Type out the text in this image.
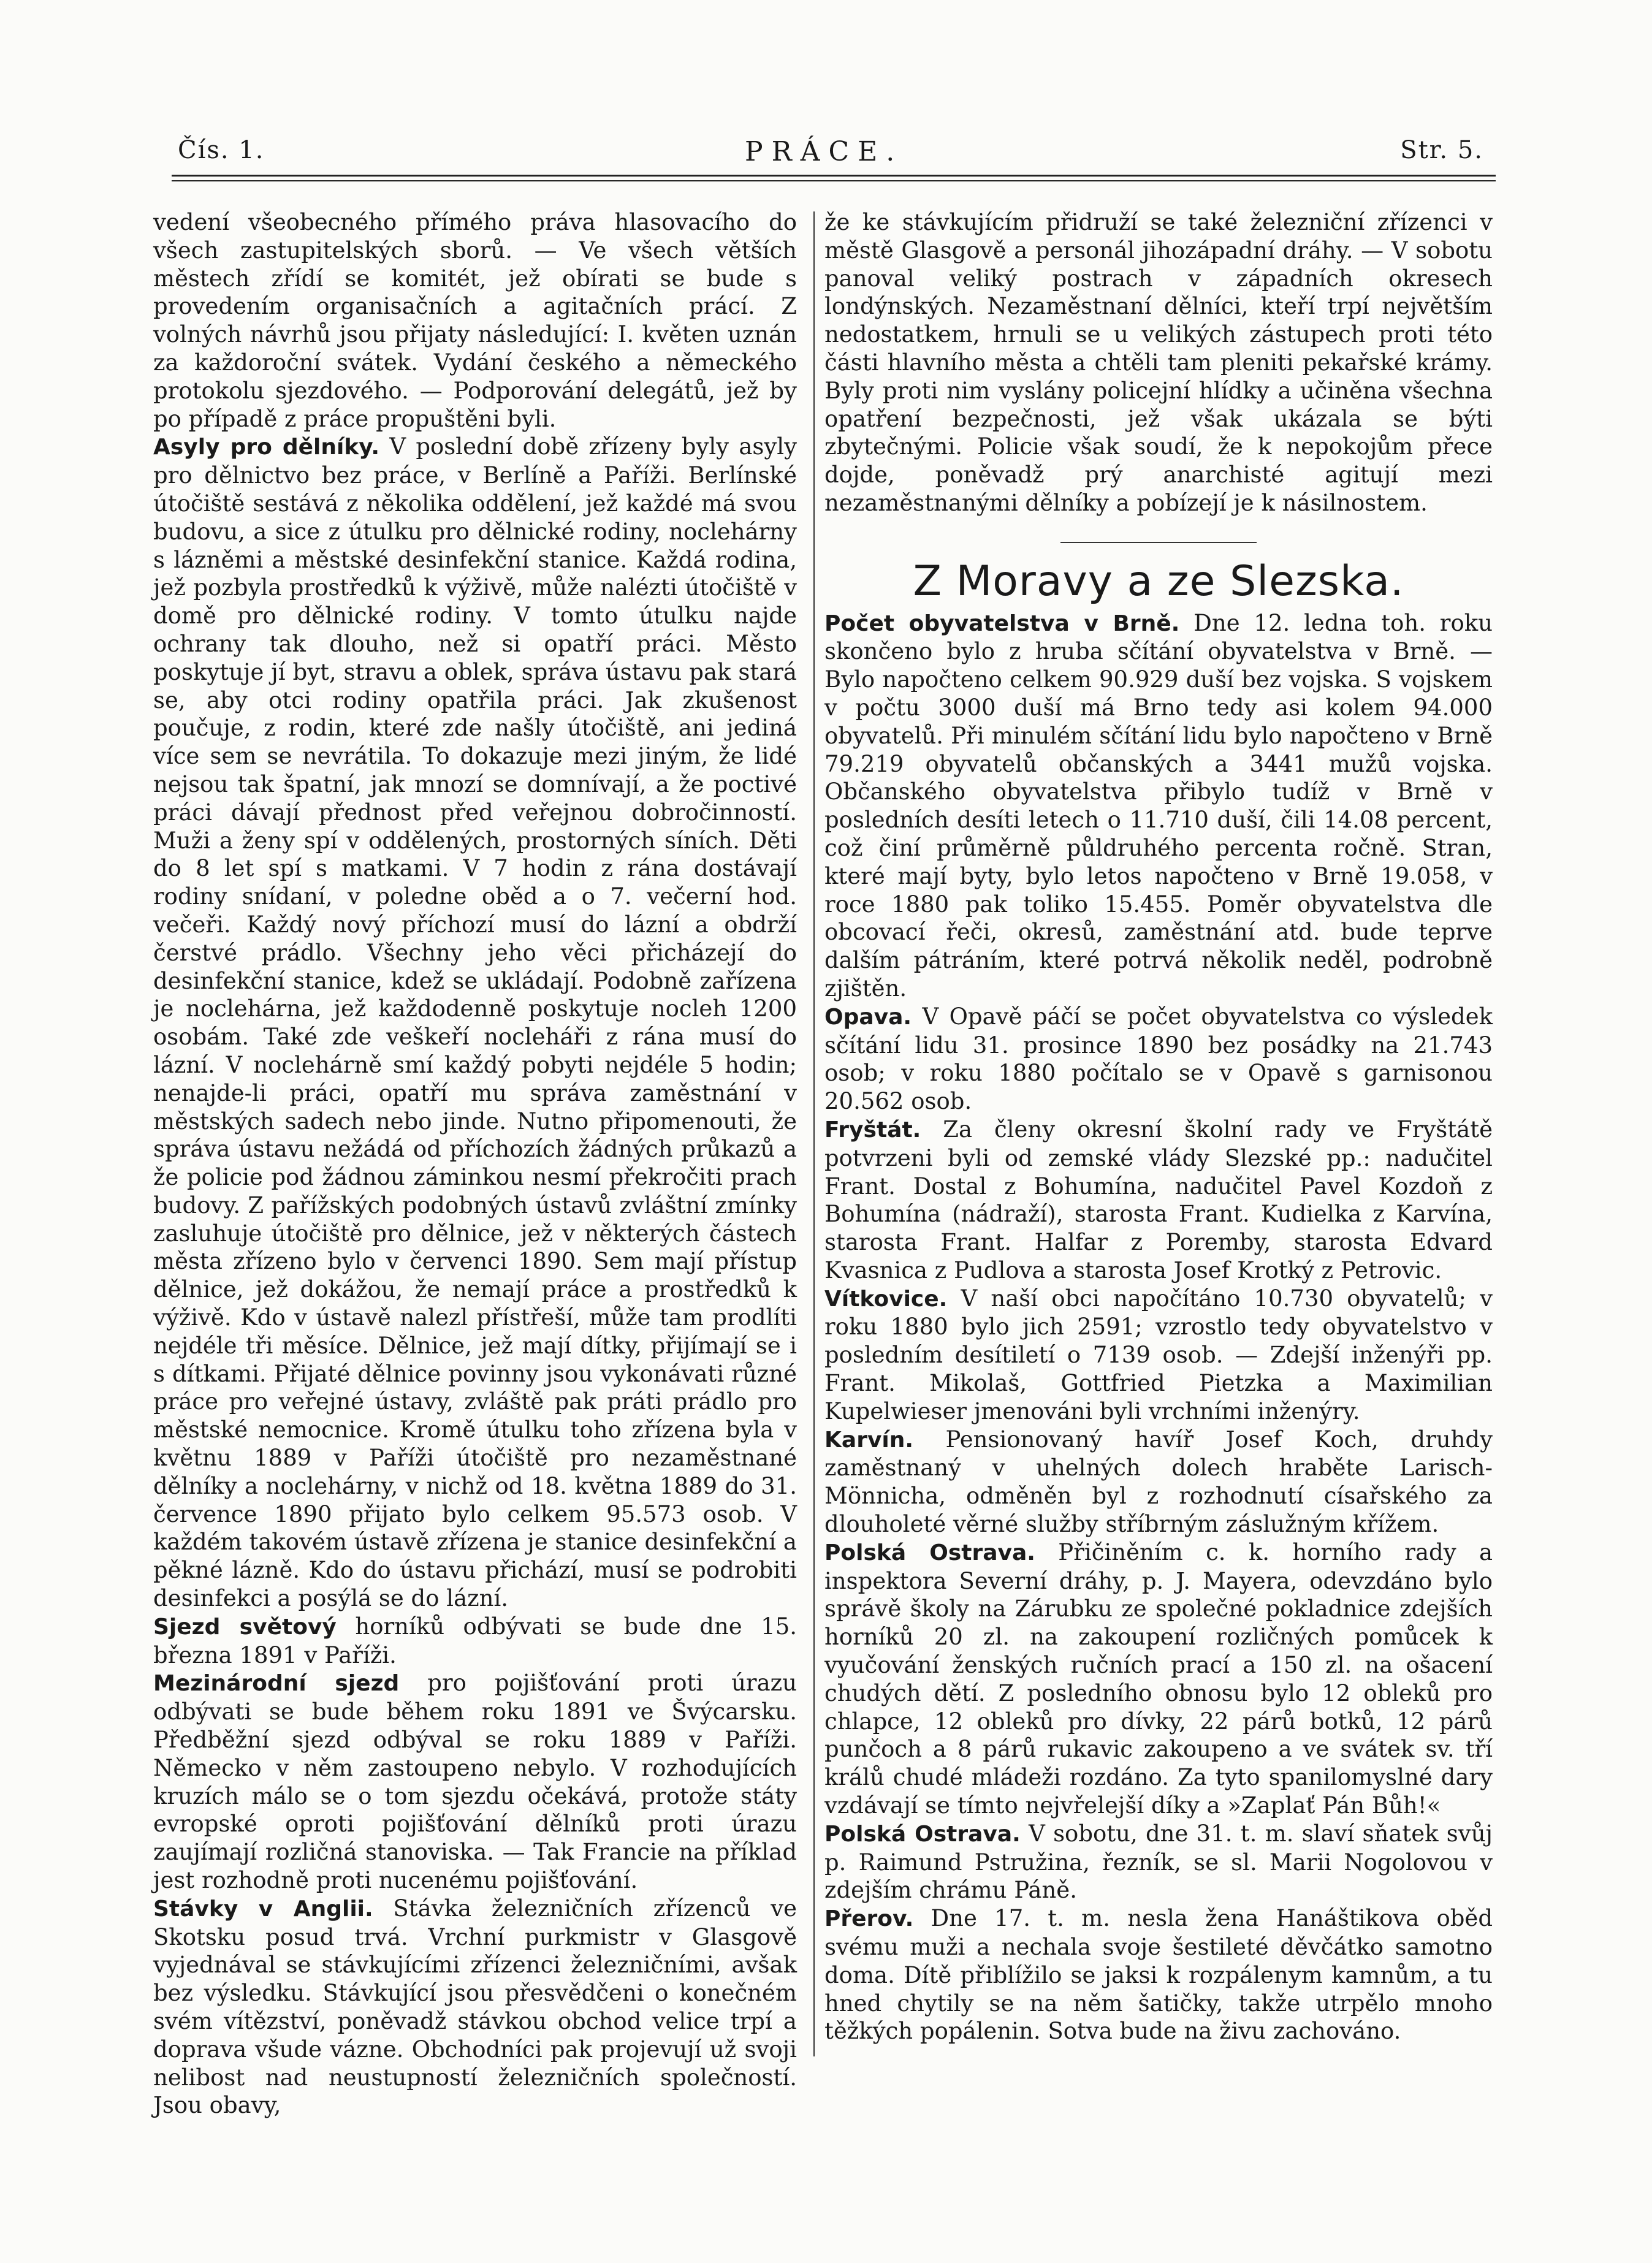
Čís. 1.	PRÁCE.	Str. 5.

vedení všeobecného přímého práva hlasovacího do všech zastupitelských sborů. — Ve všech větších městech zřídí se komitét, jež obírati se bude s provedením organisačních a agitačních prácí. Z volných návrhů jsou přijaty následující: I. květen uznán za každoroční svátek. Vydání českého a německého protokolu sjezdového. — Podporování delegátů, jež by po případě z práce propuštěni byli.

Asyly pro dělníky. V poslední době zřízeny byly asyly pro dělnictvo bez práce, v Berlíně a Paříži. Berlínské útočiště sestává z několika oddělení, jež každé má svou budovu, a sice z útulku pro dělnické rodiny, noclehárny s lázněmi a městské desinfekční stanice. Každá rodina, jež pozbyla prostředků k výživě, může nalézti útočiště v domě pro dělnické rodiny. V tomto útulku najde ochrany tak dlouho, než si opatří práci. Město poskytuje jí byt, stravu a oblek, správa ústavu pak stará se, aby otci rodiny opatřila práci. Jak zkušenost poučuje, z rodin, které zde našly útočiště, ani jediná více sem se nevrátila. To dokazuje mezi jiným, že lidé nejsou tak špatní, jak mnozí se domnívají, a že poctivé práci dávají přednost před veřejnou dobročinností. Muži a ženy spí v oddělených, prostorných síních. Děti do 8 let spí s matkami. V 7 hodin z rána dostávají rodiny snídaní, v poledne oběd a o 7. večerní hod. večeři. Každý nový příchozí musí do lázní a obdrží čerstvé prádlo. Všechny jeho věci přicházejí do desinfekční stanice, kdež se ukládají. Podobně zařízena je noclehárna, jež každodenně poskytuje nocleh 1200 osobám. Také zde veškeří nocleháři z rána musí do lázní. V noclehárně smí každý pobyti nejdéle 5 hodin; nenajde-li práci, opatří mu správa zaměstnání v městských sadech nebo jinde. Nutno připomenouti, že správa ústavu nežádá od příchozích žádných průkazů a že policie pod žádnou záminkou nesmí překročiti prach budovy. Z pařížských podobných ústavů zvláštní zmínky zasluhuje útočiště pro dělnice, jež v některých částech města zřízeno bylo v červenci 1890. Sem mají přístup dělnice, jež dokážou, že nemají práce a prostředků k výživě. Kdo v ústavě nalezl přístřeší, může tam prodlíti nejdéle tři měsíce. Dělnice, jež mají dítky, přijímají se i s dítkami. Přijaté dělnice povinny jsou vykonávati různé práce pro veřejné ústavy, zvláště pak práti prádlo pro městské nemocnice. Kromě útulku toho zřízena byla v květnu 1889 v Paříži útočiště pro nezaměstnané dělníky a noclehárny, v nichž od 18. května 1889 do 31. července 1890 přijato bylo celkem 95.573 osob. V každém takovém ústavě zřízena je stanice desinfekční a pěkné lázně. Kdo do ústavu přichází, musí se podrobiti desinfekci a posýlá se do lázní.

Sjezd světový horníků odbývati se bude dne 15. března 1891 v Paříži.

Mezinárodní sjezd pro pojišťování proti úrazu odbývati se bude během roku 1891 ve Švýcarsku. Předběžní sjezd odbýval se roku 1889 v Paříži. Německo v něm zastoupeno nebylo. V rozhodujících kruzích málo se o tom sjezdu očekává, protože státy evropské oproti pojišťování dělníků proti úrazu zaujímají rozličná stanoviska. — Tak Francie na příklad jest rozhodně proti nucenému pojišťování.

Stávky v Anglii. Stávka železničních zřízenců ve Skotsku posud trvá. Vrchní purkmistr v Glasgově vyjednával se stávkujícími zřízenci železničními, avšak bez výsledku. Stávkující jsou přesvědčeni o konečném svém vítězství, poněvadž stávkou obchod velice trpí a doprava všude vázne. Obchodníci pak projevují už svoji nelibost nad neustupností železničních společností. Jsou obavy,

že ke stávkujícím přidruží se také železniční zřízenci v městě Glasgově a personál jihozápadní dráhy. — V sobotu panoval veliký postrach v západních okresech londýnských. Nezaměstnaní dělníci, kteří trpí největším nedostatkem, hrnuli se u velikých zástupech proti této části hlavního města a chtěli tam pleniti pekařské krámy. Byly proti nim vyslány policejní hlídky a učiněna všechna opatření bezpečnosti, jež však ukázala se býti zbytečnými. Policie však soudí, že k nepokojům přece dojde, poněvadž prý anarchisté agitují mezi nezaměstnanými dělníky a pobízejí je k násilnostem.

Z Moravy a ze Slezska.

Počet obyvatelstva v Brně. Dne 12. ledna toh. roku skončeno bylo z hruba sčítání obyvatelstva v Brně. — Bylo napočteno celkem 90.929 duší bez vojska. S vojskem v počtu 3000 duší má Brno tedy asi kolem 94.000 obyvatelů. Při minulém sčítání lidu bylo napočteno v Brně 79.219 obyvatelů občanských a 3441 mužů vojska. Občanského obyvatelstva přibylo tudíž v Brně v posledních desíti letech o 11.710 duší, čili 14.08 percent, což činí průměrně půldruhého percenta ročně. Stran, které mají byty, bylo letos napočteno v Brně 19.058, v roce 1880 pak toliko 15.455. Poměr obyvatelstva dle obcovací řeči, okresů, zaměstnání atd. bude teprve dalším pátráním, které potrvá několik neděl, podrobně zjištěn.

Opava. V Opavě páčí se počet obyvatelstva co výsledek sčítání lidu 31. prosince 1890 bez posádky na 21.743 osob; v roku 1880 počítalo se v Opavě s garnisonou 20.562 osob.

Fryštát. Za členy okresní školní rady ve Fryštátě potvrzeni byli od zemské vlády Slezské pp.: nadučitel Frant. Dostal z Bohumína, nadučitel Pavel Kozdoň z Bohumína (nádraží), starosta Frant. Kudielka z Karvína, starosta Frant. Halfar z Poremby, starosta Edvard Kvasnica z Pudlova a starosta Josef Krotký z Petrovic.

Vítkovice. V naší obci napočítáno 10.730 obyvatelů; v roku 1880 bylo jich 2591; vzrostlo tedy obyvatelstvo v posledním desítiletí o 7139 osob. — Zdejší inženýři pp. Frant. Mikolaš, Gottfried Pietzka a Maximilian Kupelwieser jmenováni byli vrchními inženýry.

Karvín. Pensionovaný havíř Josef Koch, druhdy zaměstnaný v uhelných dolech hraběte Larisch-Mönnicha, odměněn byl z rozhodnutí císařského za dlouholeté věrné služby stříbrným záslužným křížem.

Polská Ostrava. Přičiněním c. k. horního rady a inspektora Severní dráhy, p. J. Mayera, odevzdáno bylo správě školy na Zárubku ze společné pokladnice zdejších horníků 20 zl. na zakoupení rozličných pomůcek k vyučování ženských ručních prací a 150 zl. na ošacení chudých dětí. Z posledního obnosu bylo 12 obleků pro chlapce, 12 obleků pro dívky, 22 párů botků, 12 párů punčoch a 8 párů rukavic zakoupeno a ve svátek sv. tří králů chudé mládeži rozdáno. Za tyto spanilomyslné dary vzdávají se tímto nejvřelejší díky a »Zaplať Pán Bůh!«

Polská Ostrava. V sobotu, dne 31. t. m. slaví sňatek svůj p. Raimund Pstružina, řezník, se sl. Marii Nogolovou v zdejším chrámu Páně.

Přerov. Dne 17. t. m. nesla žena Hanáštikova oběd svému muži a nechala svoje šestileté děvčátko samotno doma. Dítě přiblížilo se jaksi k rozpálenym kamnům, a tu hned chytily se na něm šatičky, takže utrpělo mnoho těžkých popálenin. Sotva bude na živu zachováno.
